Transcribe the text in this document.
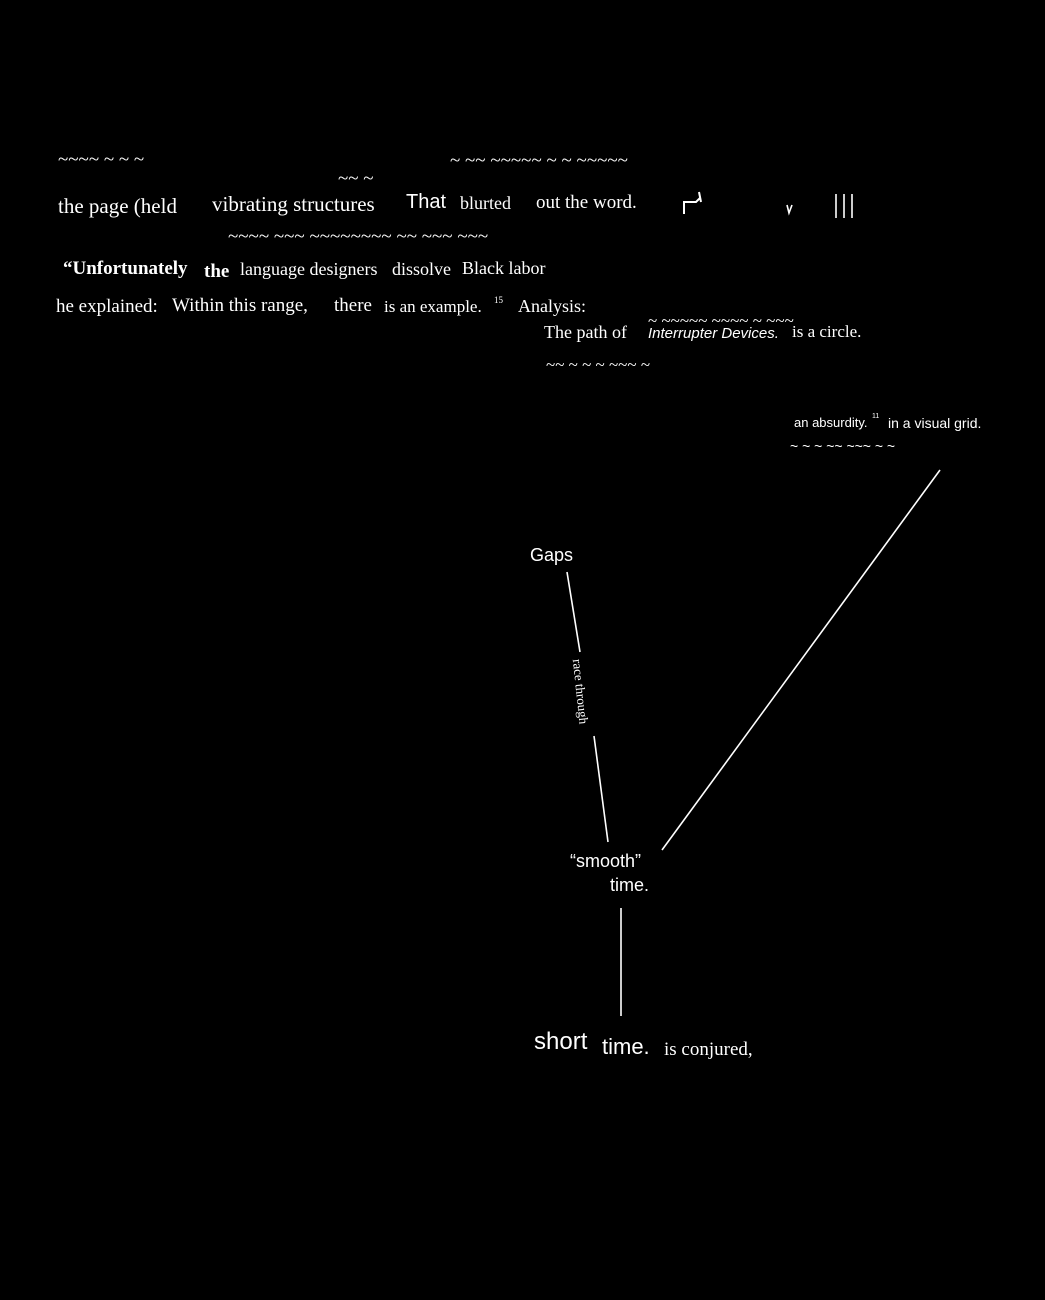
~~~~ ~ ~ ~	~ ~~ ~~~~~ ~ ~ ~~~~~
~~ ~
~~~~ ~~~ ~~~~~~~~ ~~ ~~~ ~~~
~ ~~~~~ ~~~~ ~ ~~~
~~ ~ ~ ~ ~~~ ~
~ ~ ~ ~~ ~~~ ~ ~
the page (held vibrating structures That blurted out the word.
“Unfortunately the language designers dissolve Black labor
he explained: Within this range, there is an example. 15 Analysis:
The path of Interrupter Devices. is a circle.
an absurdity. 11 in a visual grid.
Gaps
race through
“smooth”
time.
short time. is conjured,
